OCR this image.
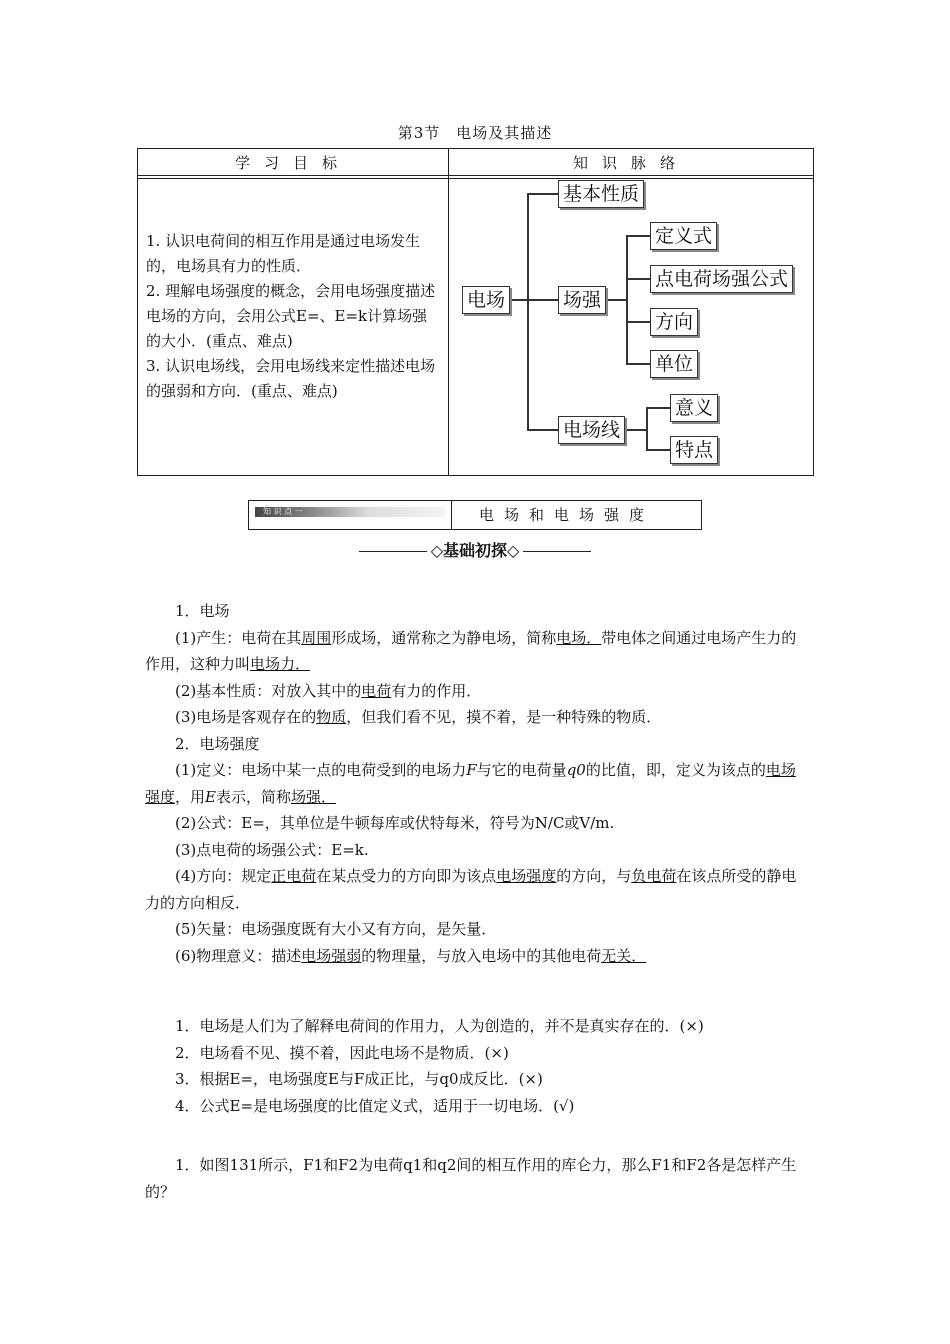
第3节　电场及其描述
学习目标	知识脉络

1. 认识电荷间的相互作用是通过电场发生的，电场具有力的性质．

2. 理解电场强度的概念，会用电场强度描述电场的方向，会用公式E=、E=k计算场强的大小．(重点、难点)

3. 认识电场线，会用电场线来定性描述电场的强弱和方向．(重点、难点)

电场
基本性质
场强
定义式
点电荷场强公式
方向
单位
电场线
意义
特点
知 识 点 一	电场和电场强度
◇基础初探◇

1．电场

(1)产生：电荷在其周围形成场，通常称之为静电场，简称电场．带电体之间通过电场产生力的作用，这种力叫电场力．

(2)基本性质：对放入其中的电荷有力的作用．

(3)电场是客观存在的物质，但我们看不见，摸不着，是一种特殊的物质．

2．电场强度

(1)定义：电场中某一点的电荷受到的电场力F与它的电荷量q0的比值，即，定义为该点的电场强度，用E表示，简称场强．

(2)公式：E=，其单位是牛顿每库或伏特每米，符号为N/C或V/m.

(3)点电荷的场强公式：E=k.

(4)方向：规定正电荷在某点受力的方向即为该点电场强度的方向，与负电荷在该点所受的静电力的方向相反．

(5)矢量：电场强度既有大小又有方向，是矢量．

(6)物理意义：描述电场强弱的物理量，与放入电场中的其他电荷无关．

1．电场是人们为了解释电荷间的作用力，人为创造的，并不是真实存在的．(×)

2．电场看不见、摸不着，因此电场不是物质．(×)

3．根据E=，电场强度E与F成正比，与q0成反比．(×)

4．公式E=是电场强度的比值定义式，适用于一切电场．(√)

1．如图131所示，F1和F2为电荷q1和q2间的相互作用的库仑力，那么F1和F2各是怎样产生的？
